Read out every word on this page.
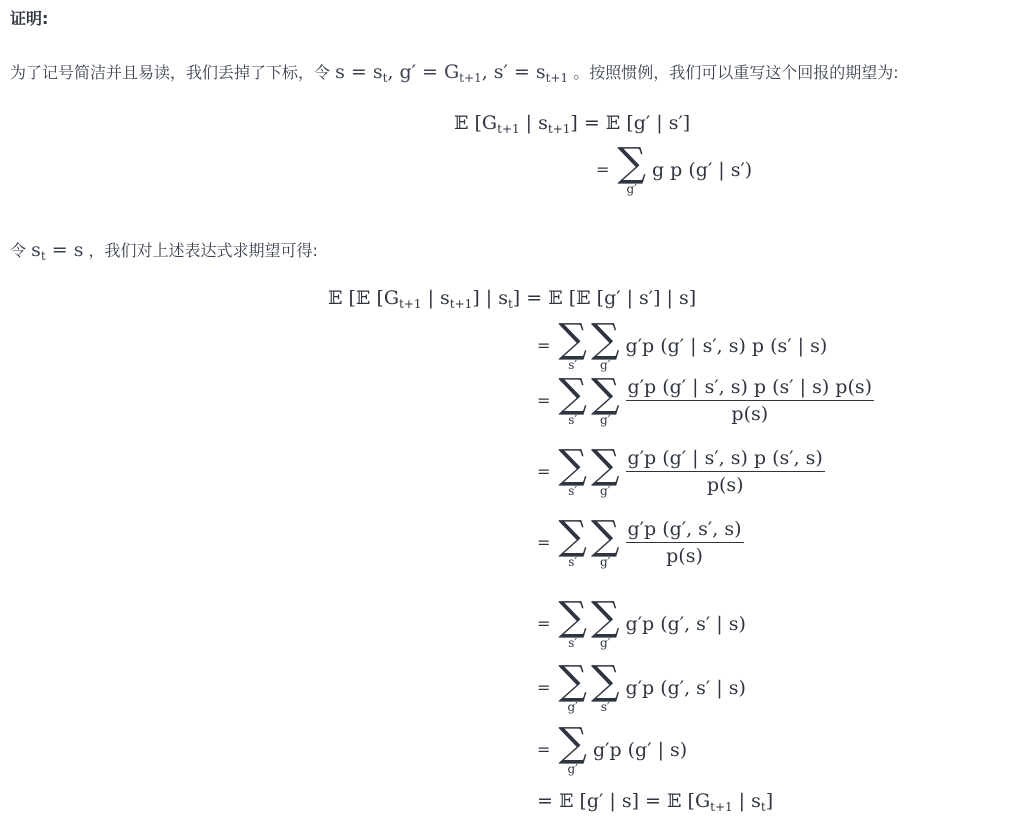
证明:
为了记号简洁并且易读，我们丢掉了下标，令 $s = s_t$, $g' = G_{t+1}$, $s' = s_{t+1}$ 。按照惯例，我们可以重写这个回报的期望为:
𝔼 [$G_{t+1}$ | $s_{t+1}$] = 𝔼 [g′ | s′]
= ∑
g′
g p (g′ | s′)
令 $s_t = s$ ，我们对上述表达式求期望可得:
𝔼 [𝔼 [$G_{t+1}$ | $s_{t+1}$] | $s_t$] = 𝔼 [𝔼 [g′ | s′] | s]
= ∑
s′
∑
g′
g′p (g′ | s′, s) p (s′ | s)
= ∑
s′
∑
$g' \frac{g'p (g' | s', s) p (s' | s) p(s)}{p(s)}$
= ∑
s′
∑
$g' \frac{g'p (g' | s', s) p (s', s)}{p(s)}$
= ∑
s′
∑
$g' \frac{g'p (g', s', s)}{p(s)}$
= ∑
s′
∑
g′
g′p (g′, s′ | s)
= ∑
g′
∑
s′
g′p (g′, s′ | s)
= ∑
g′
g′p (g′ | s)
= 𝔼 [g′ | s] = 𝔼 [$G_{t+1}$ | $s_t$]
